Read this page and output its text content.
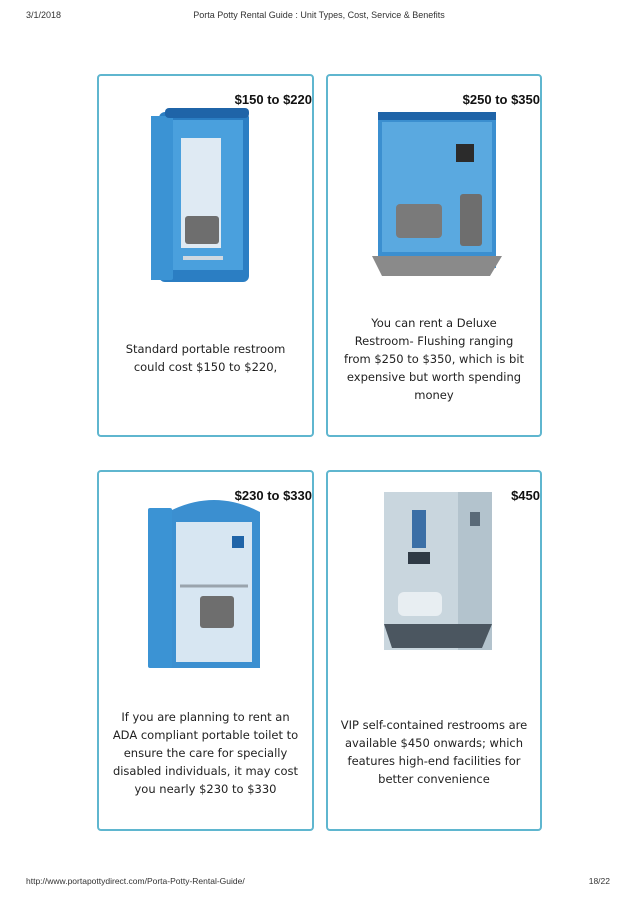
3/1/2018	Porta Potty Rental Guide : Unit Types, Cost, Service & Benefits
$150 to $220
Standard portable restroom could cost $150 to $220,
$250 to $350
You can rent a Deluxe Restroom- Flushing ranging from $250 to $350, which is bit expensive but worth spending money
$230 to $330
If you are planning to rent an ADA compliant portable toilet to ensure the care for specially disabled individuals, it may cost you nearly $230 to $330
$450
VIP self-contained restrooms are available $450 onwards; which features high-end facilities for better convenience
http://www.portapottydirect.com/Porta-Potty-Rental-Guide/	18/22
